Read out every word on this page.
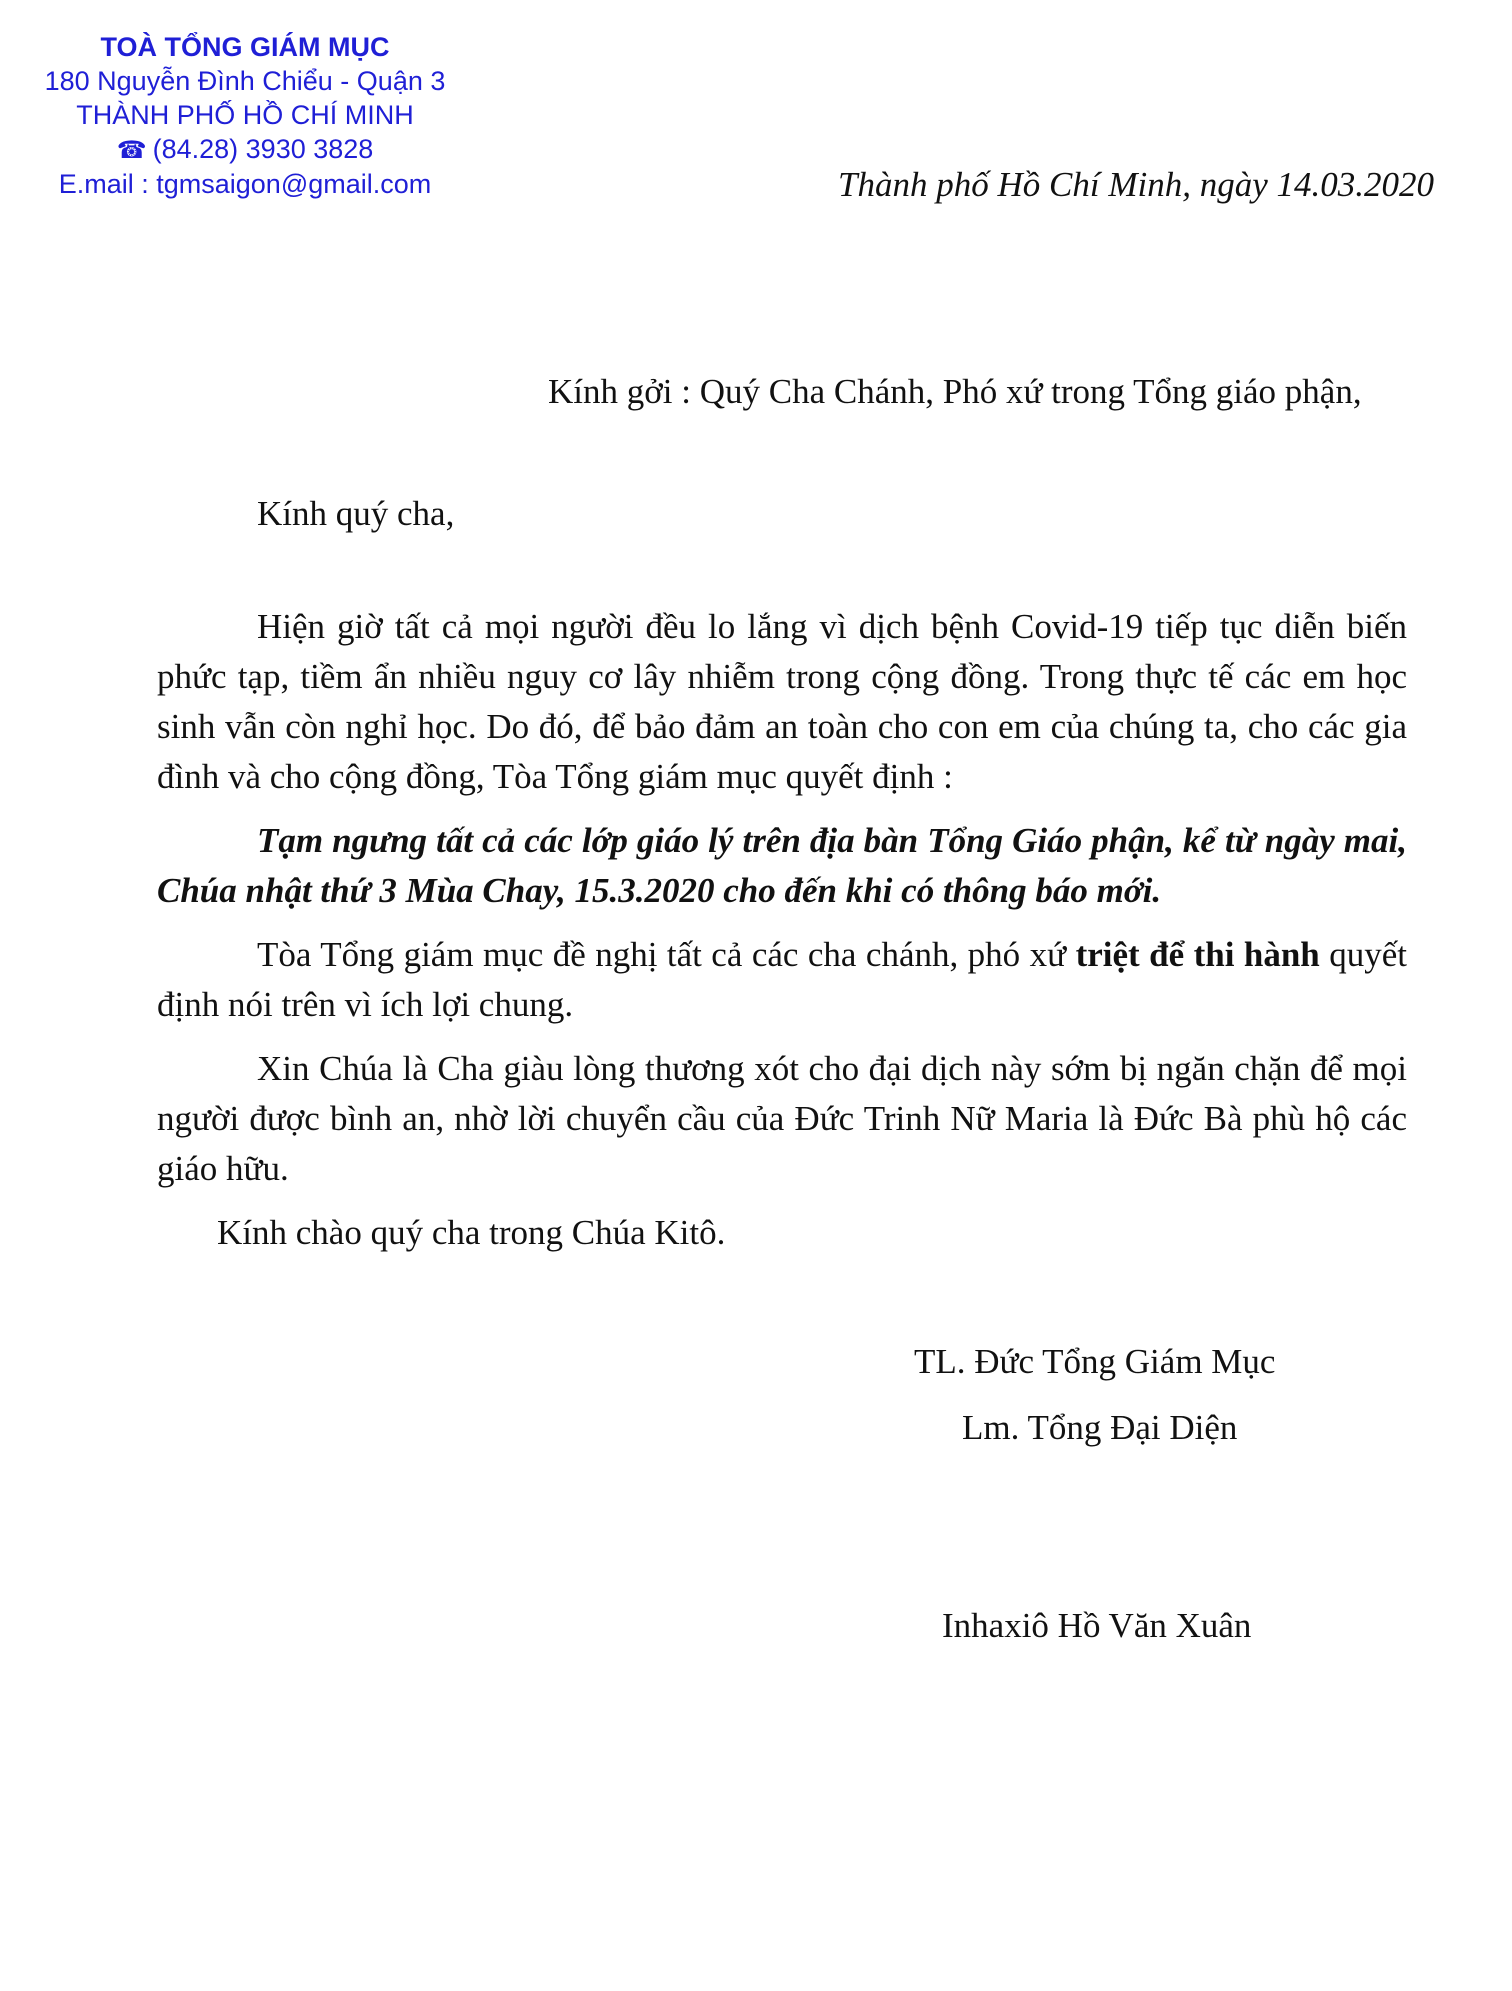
TOÀ TỔNG GIÁM MỤC
180 Nguyễn Đình Chiểu - Quận 3
THÀNH PHỐ HỒ CHÍ MINH
☎ (84.28) 3930 3828
E.mail : tgmsaigon@gmail.com	Thành phố Hồ Chí Minh, ngày 14.03.2020
Kính gởi : Quý Cha Chánh, Phó xứ trong Tổng giáo phận,
Kính quý cha,

Hiện giờ tất cả mọi người đều lo lắng vì dịch bệnh Covid-19 tiếp tục diễn biến phức tạp, tiềm ẩn nhiều nguy cơ lây nhiễm trong cộng đồng. Trong thực tế các em học sinh vẫn còn nghỉ học. Do đó, để bảo đảm an toàn cho con em của chúng ta, cho các gia đình và cho cộng đồng, Tòa Tổng giám mục quyết định :

Tạm ngưng tất cả các lớp giáo lý trên địa bàn Tổng Giáo phận, kể từ ngày mai, Chúa nhật thứ 3 Mùa Chay, 15.3.2020 cho đến khi có thông báo mới.

Tòa Tổng giám mục đề nghị tất cả các cha chánh, phó xứ triệt để thi hành quyết định nói trên vì ích lợi chung.

Xin Chúa là Cha giàu lòng thương xót cho đại dịch này sớm bị ngăn chặn để mọi người được bình an, nhờ lời chuyển cầu của Đức Trinh Nữ Maria là Đức Bà phù hộ các giáo hữu.

Kính chào quý cha trong Chúa Kitô.

TL. Đức Tổng Giám Mục
Lm. Tổng Đại Diện
Inhaxiô Hồ Văn Xuân
